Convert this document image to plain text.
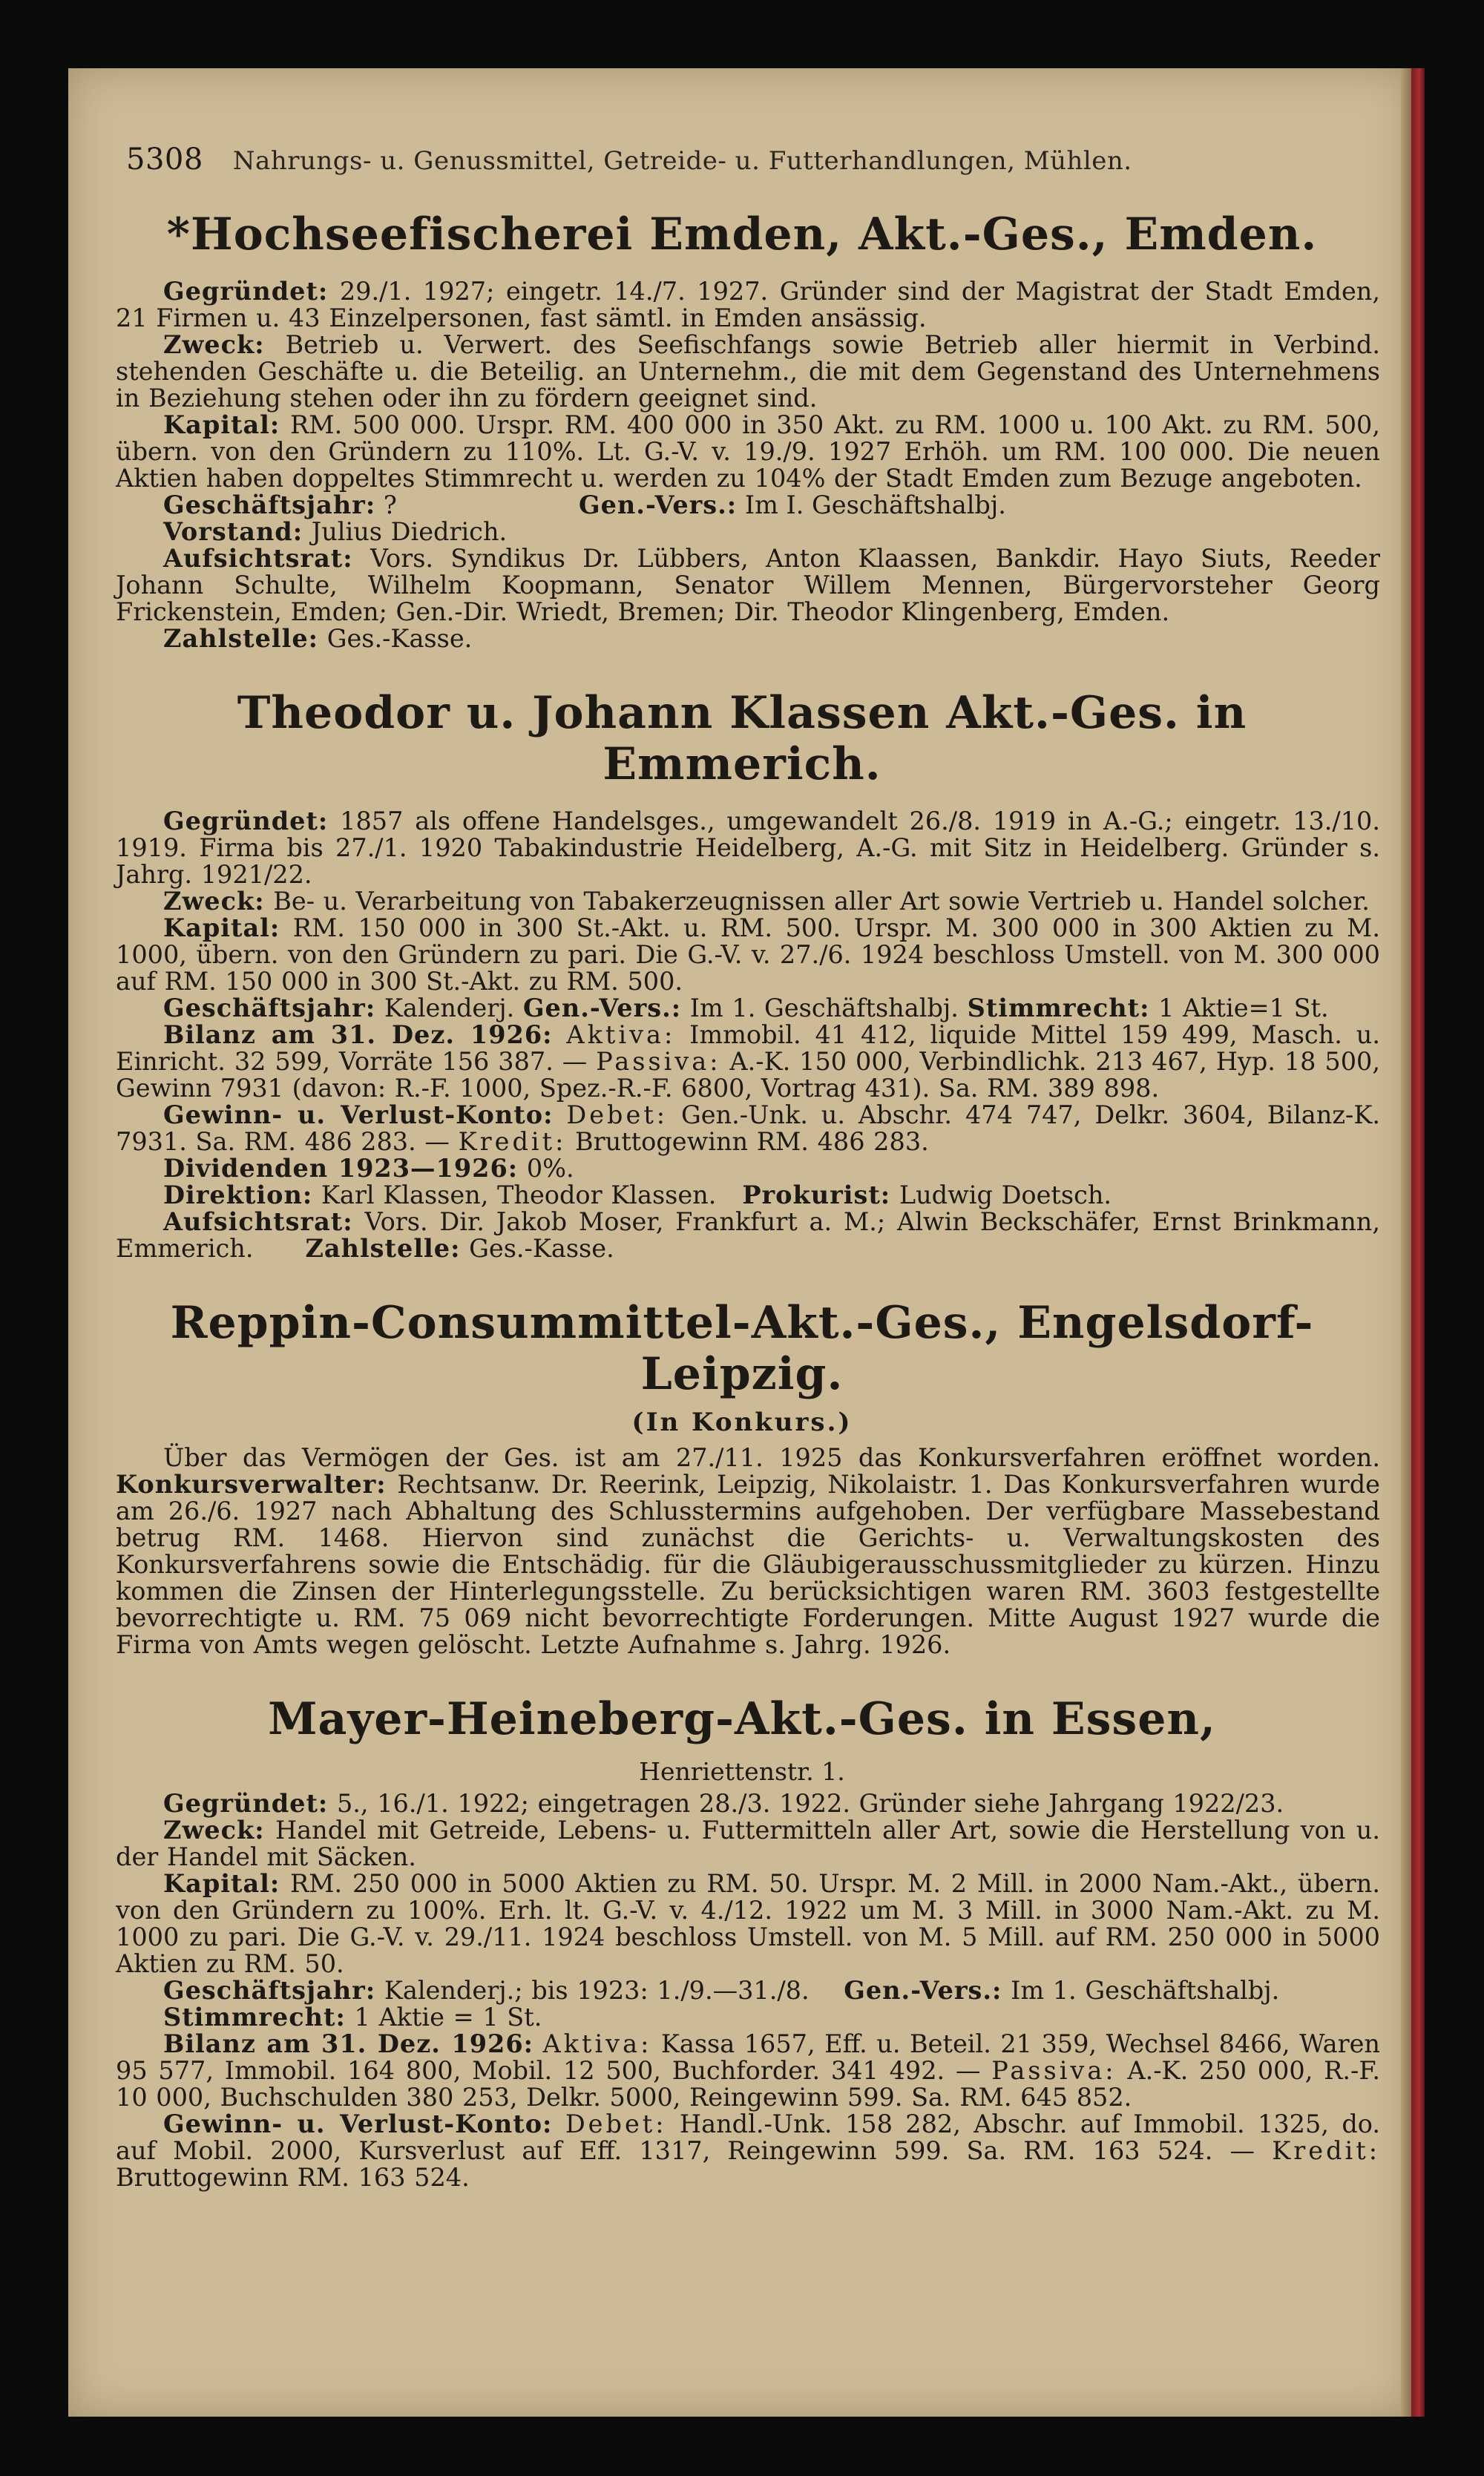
5308 Nahrungs- u. Genussmittel, Getreide- u. Futterhandlungen, Mühlen.
*Hochseefischerei Emden, Akt.-Ges., Emden.

Gegründet: 29./1. 1927; eingetr. 14./7. 1927. Gründer sind der Magistrat der Stadt Emden, 21 Firmen u. 43 Einzelpersonen, fast sämtl. in Emden ansässig.

Zweck: Betrieb u. Verwert. des Seefischfangs sowie Betrieb aller hiermit in Verbind. stehenden Geschäfte u. die Beteilig. an Unternehm., die mit dem Gegenstand des Unternehmens in Beziehung stehen oder ihn zu fördern geeignet sind.

Kapital: RM. 500 000. Urspr. RM. 400 000 in 350 Akt. zu RM. 1000 u. 100 Akt. zu RM. 500, übern. von den Gründern zu 110%. Lt. G.-V. v. 19./9. 1927 Erhöh. um RM. 100 000. Die neuen Aktien haben doppeltes Stimmrecht u. werden zu 104% der Stadt Emden zum Bezuge angeboten.

Geschäftsjahr: ?	Gen.-Vers.: Im I. Geschäftshalbj.

Vorstand: Julius Diedrich.

Aufsichtsrat: Vors. Syndikus Dr. Lübbers, Anton Klaassen, Bankdir. Hayo Siuts, Reeder Johann Schulte, Wilhelm Koopmann, Senator Willem Mennen, Bürgervorsteher Georg Frickenstein, Emden; Gen.-Dir. Wriedt, Bremen; Dir. Theodor Klingenberg, Emden.

Zahlstelle: Ges.-Kasse.

Theodor u. Johann Klassen Akt.-Ges. in Emmerich.

Gegründet: 1857 als offene Handelsges., umgewandelt 26./8. 1919 in A.-G.; eingetr. 13./10. 1919. Firma bis 27./1. 1920 Tabakindustrie Heidelberg, A.-G. mit Sitz in Heidelberg. Gründer s. Jahrg. 1921/22.

Zweck: Be- u. Verarbeitung von Tabakerzeugnissen aller Art sowie Vertrieb u. Handel solcher.

Kapital: RM. 150 000 in 300 St.-Akt. u. RM. 500. Urspr. M. 300 000 in 300 Aktien zu M. 1000, übern. von den Gründern zu pari. Die G.-V. v. 27./6. 1924 beschloss Umstell. von M. 300 000 auf RM. 150 000 in 300 St.-Akt. zu RM. 500.

Geschäftsjahr: Kalenderj. Gen.-Vers.: Im 1. Geschäftshalbj. Stimmrecht: 1 Aktie=1 St.

Bilanz am 31. Dez. 1926: Aktiva: Immobil. 41 412, liquide Mittel 159 499, Masch. u. Einricht. 32 599, Vorräte 156 387. — Passiva: A.-K. 150 000, Verbindlichk. 213 467, Hyp. 18 500, Gewinn 7931 (davon: R.-F. 1000, Spez.-R.-F. 6800, Vortrag 431). Sa. RM. 389 898.

Gewinn- u. Verlust-Konto: Debet: Gen.-Unk. u. Abschr. 474 747, Delkr. 3604, Bilanz-K. 7931. Sa. RM. 486 283. — Kredit: Bruttogewinn RM. 486 283.

Dividenden 1923—1926: 0%.

Direktion: Karl Klassen, Theodor Klassen. Prokurist: Ludwig Doetsch.

Aufsichtsrat: Vors. Dir. Jakob Moser, Frankfurt a. M.; Alwin Beckschäfer, Ernst Brinkmann, Emmerich. Zahlstelle: Ges.-Kasse.

Reppin-Consummittel-Akt.-Ges., Engelsdorf-Leipzig.
(In Konkurs.)

Über das Vermögen der Ges. ist am 27./11. 1925 das Konkursverfahren eröffnet worden. Konkursverwalter: Rechtsanw. Dr. Reerink, Leipzig, Nikolaistr. 1. Das Konkursverfahren wurde am 26./6. 1927 nach Abhaltung des Schlusstermins aufgehoben. Der verfügbare Massebestand betrug RM. 1468. Hiervon sind zunächst die Gerichts- u. Verwaltungskosten des Konkursverfahrens sowie die Entschädig. für die Gläubigerausschussmitglieder zu kürzen. Hinzu kommen die Zinsen der Hinterlegungsstelle. Zu berücksichtigen waren RM. 3603 festgestellte bevorrechtigte u. RM. 75 069 nicht bevorrechtigte Forderungen. Mitte August 1927 wurde die Firma von Amts wegen gelöscht. Letzte Aufnahme s. Jahrg. 1926.

Mayer-Heineberg-Akt.-Ges. in Essen,
Henriettenstr. 1.

Gegründet: 5., 16./1. 1922; eingetragen 28./3. 1922. Gründer siehe Jahrgang 1922/23.

Zweck: Handel mit Getreide, Lebens- u. Futtermitteln aller Art, sowie die Herstellung von u. der Handel mit Säcken.

Kapital: RM. 250 000 in 5000 Aktien zu RM. 50. Urspr. M. 2 Mill. in 2000 Nam.-Akt., übern. von den Gründern zu 100%. Erh. lt. G.-V. v. 4./12. 1922 um M. 3 Mill. in 3000 Nam.-Akt. zu M. 1000 zu pari. Die G.-V. v. 29./11. 1924 beschloss Umstell. von M. 5 Mill. auf RM. 250 000 in 5000 Aktien zu RM. 50.

Geschäftsjahr: Kalenderj.; bis 1923: 1./9.—31./8. Gen.-Vers.: Im 1. Geschäftshalbj.

Stimmrecht: 1 Aktie = 1 St.

Bilanz am 31. Dez. 1926: Aktiva: Kassa 1657, Eff. u. Beteil. 21 359, Wechsel 8466, Waren 95 577, Immobil. 164 800, Mobil. 12 500, Buchforder. 341 492. — Passiva: A.-K. 250 000, R.-F. 10 000, Buchschulden 380 253, Delkr. 5000, Reingewinn 599. Sa. RM. 645 852.

Gewinn- u. Verlust-Konto: Debet: Handl.-Unk. 158 282, Abschr. auf Immobil. 1325, do. auf Mobil. 2000, Kursverlust auf Eff. 1317, Reingewinn 599. Sa. RM. 163 524. — Kredit: Bruttogewinn RM. 163 524.
